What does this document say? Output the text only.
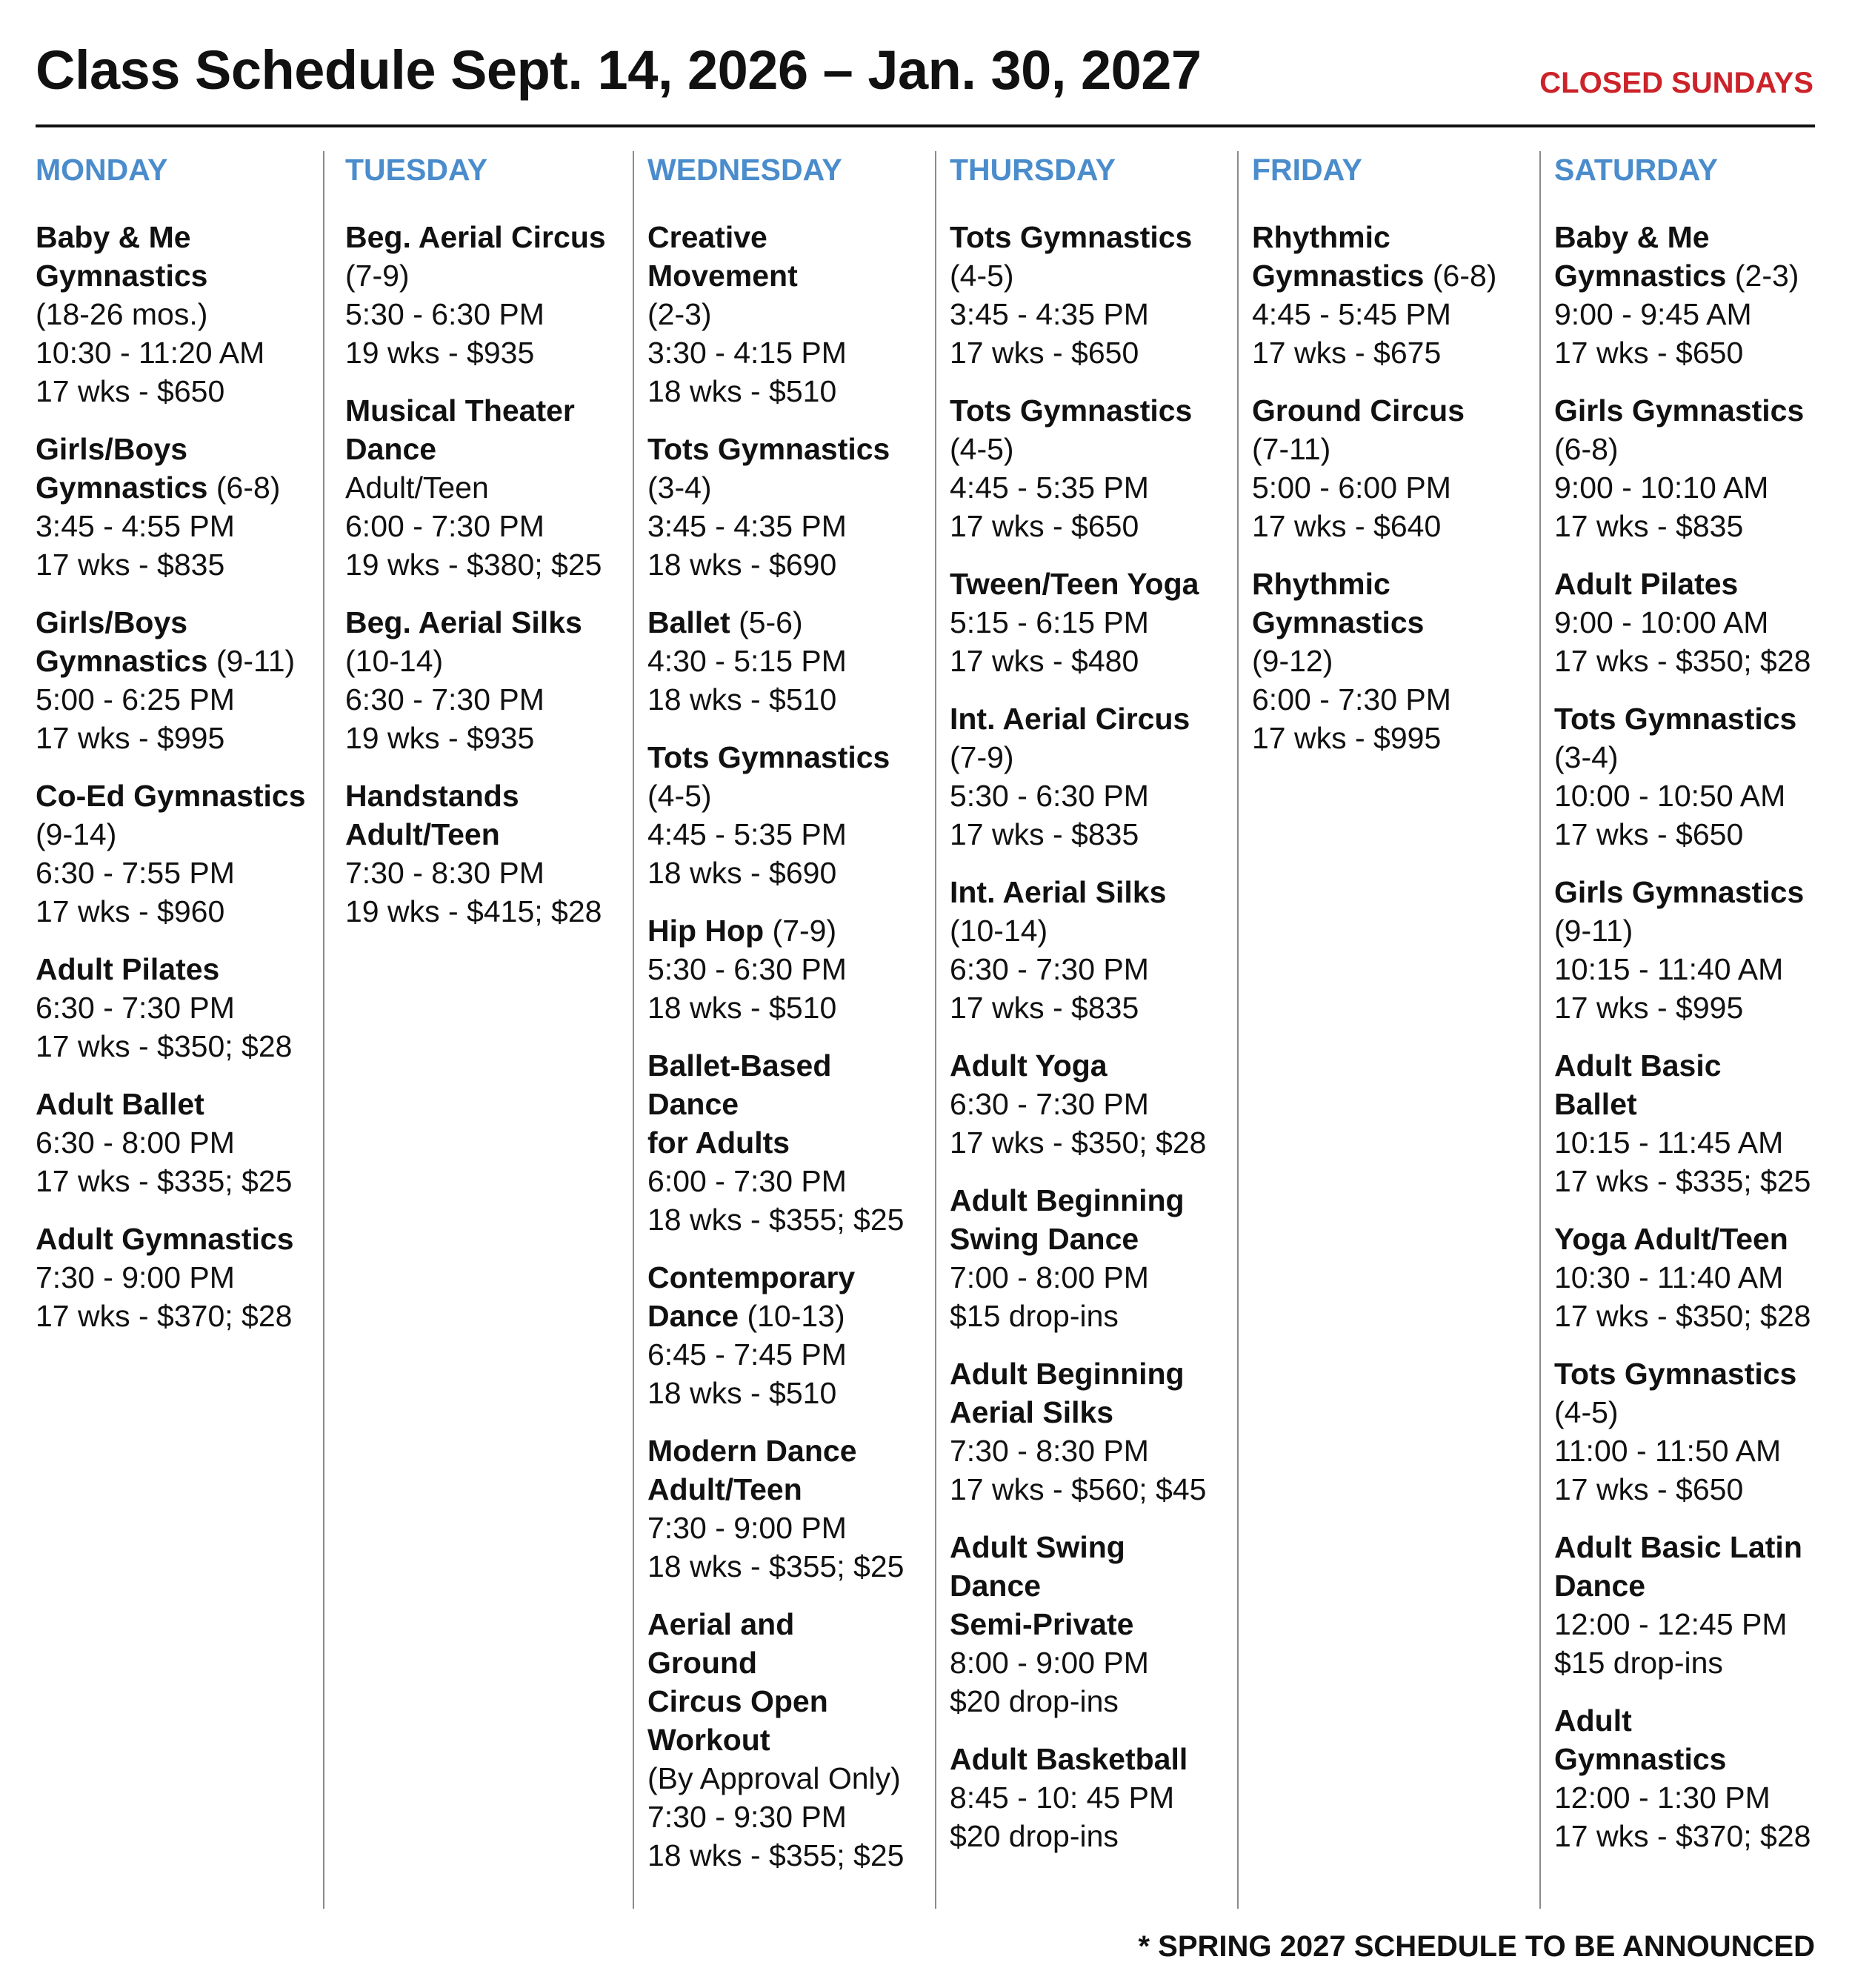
Class Schedule Sept. 14, 2026 – Jan. 30, 2027	CLOSED SUNDAYS
MONDAY
Baby & Me
Gymnastics
(18-26 mos.)
10:30 - 11:20 AM
17 wks - $650
Girls/Boys
Gymnastics (6-8)
3:45 - 4:55 PM
17 wks - $835
Girls/Boys
Gymnastics (9-11)
5:00 - 6:25 PM
17 wks - $995
Co-Ed Gymnastics
(9-14)
6:30 - 7:55 PM
17 wks - $960
Adult Pilates
6:30 - 7:30 PM
17 wks - $350; $28
Adult Ballet
6:30 - 8:00 PM
17 wks - $335; $25
Adult Gymnastics
7:30 - 9:00 PM
17 wks - $370; $28
TUESDAY
Beg. Aerial Circus
(7-9)
5:30 - 6:30 PM
19 wks - $935
Musical Theater
Dance
Adult/Teen
6:00 - 7:30 PM
19 wks - $380; $25
Beg. Aerial Silks
(10-14)
6:30 - 7:30 PM
19 wks - $935
Handstands
Adult/Teen
7:30 - 8:30 PM
19 wks - $415; $28
WEDNESDAY
Creative
Movement
(2-3)
3:30 - 4:15 PM
18 wks - $510
Tots Gymnastics
(3-4)
3:45 - 4:35 PM
18 wks - $690
Ballet (5-6)
4:30 - 5:15 PM
18 wks - $510
Tots Gymnastics
(4-5)
4:45 - 5:35 PM
18 wks - $690
Hip Hop (7-9)
5:30 - 6:30 PM
18 wks - $510
Ballet-Based
Dance
for Adults
6:00 - 7:30 PM
18 wks - $355; $25
Contemporary
Dance (10-13)
6:45 - 7:45 PM
18 wks - $510
Modern Dance
Adult/Teen
7:30 - 9:00 PM
18 wks - $355; $25
Aerial and
Ground
Circus Open
Workout
(By Approval Only)
7:30 - 9:30 PM
18 wks - $355; $25
THURSDAY
Tots Gymnastics
(4-5)
3:45 - 4:35 PM
17 wks - $650
Tots Gymnastics
(4-5)
4:45 - 5:35 PM
17 wks - $650
Tween/Teen Yoga
5:15 - 6:15 PM
17 wks - $480
Int. Aerial Circus
(7-9)
5:30 - 6:30 PM
17 wks - $835
Int. Aerial Silks
(10-14)
6:30 - 7:30 PM
17 wks - $835
Adult Yoga
6:30 - 7:30 PM
17 wks - $350; $28
Adult Beginning
Swing Dance
7:00 - 8:00 PM
$15 drop-ins
Adult Beginning
Aerial Silks
7:30 - 8:30 PM
17 wks - $560; $45
Adult Swing
Dance
Semi-Private
8:00 - 9:00 PM
$20 drop-ins
Adult Basketball
8:45 - 10: 45 PM
$20 drop-ins
FRIDAY
Rhythmic
Gymnastics (6-8)
4:45 - 5:45 PM
17 wks - $675
Ground Circus
(7-11)
5:00 - 6:00 PM
17 wks - $640
Rhythmic
Gymnastics
(9-12)
6:00 - 7:30 PM
17 wks - $995
SATURDAY
Baby & Me
Gymnastics (2-3)
9:00 - 9:45 AM
17 wks - $650
Girls Gymnastics
(6-8)
9:00 - 10:10 AM
17 wks - $835
Adult Pilates
9:00 - 10:00 AM
17 wks - $350; $28
Tots Gymnastics
(3-4)
10:00 - 10:50 AM
17 wks - $650
Girls Gymnastics
(9-11)
10:15 - 11:40 AM
17 wks - $995
Adult Basic Ballet
10:15 - 11:45 AM
17 wks - $335; $25
Yoga Adult/Teen
10:30 - 11:40 AM
17 wks - $350; $28
Tots Gymnastics
(4-5)
11:00 - 11:50 AM
17 wks - $650
Adult Basic Latin
Dance
12:00 - 12:45 PM
$15 drop-ins
Adult Gymnastics
12:00 - 1:30 PM
17 wks - $370; $28
* SPRING 2027 SCHEDULE TO BE ANNOUNCED
